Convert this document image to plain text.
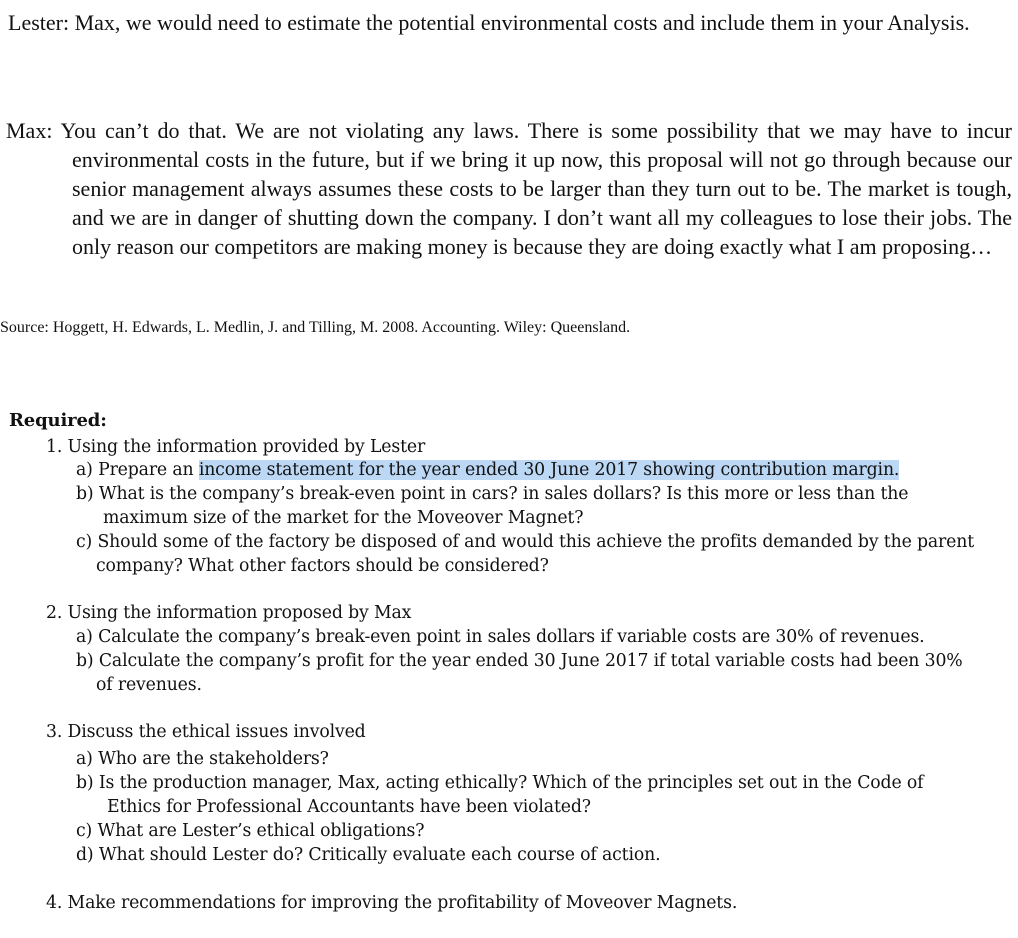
Lester: Max, we would need to estimate the potential environmental costs and include them in your Analysis.
Max: You can’t do that. We are not violating any laws. There is some possibility that we may have to incur environmental costs in the future, but if we bring it up now, this proposal will not go through because our senior management always assumes these costs to be larger than they turn out to be. The market is tough, and we are in danger of shutting down the company. I don’t want all my colleagues to lose their jobs. The only reason our competitors are making money is because they are doing exactly what I am proposing…
Source: Hoggett, H. Edwards, L. Medlin, J. and Tilling, M. 2008. Accounting. Wiley: Queensland.
Required:
1. Using the information provided by Lester
a) Prepare an income statement for the year ended 30 June 2017 showing contribution margin.
b) What is the company’s break-even point in cars? in sales dollars? Is this more or less than the
maximum size of the market for the Moveover Magnet?
c) Should some of the factory be disposed of and would this achieve the profits demanded by the parent
company? What other factors should be considered?
2. Using the information proposed by Max
a) Calculate the company’s break-even point in sales dollars if variable costs are 30% of revenues.
b) Calculate the company’s profit for the year ended 30 June 2017 if total variable costs had been 30%
of revenues.
3. Discuss the ethical issues involved
a) Who are the stakeholders?
b) Is the production manager, Max, acting ethically? Which of the principles set out in the Code of
Ethics for Professional Accountants have been violated?
c) What are Lester’s ethical obligations?
d) What should Lester do? Critically evaluate each course of action.
4. Make recommendations for improving the profitability of Moveover Magnets.
